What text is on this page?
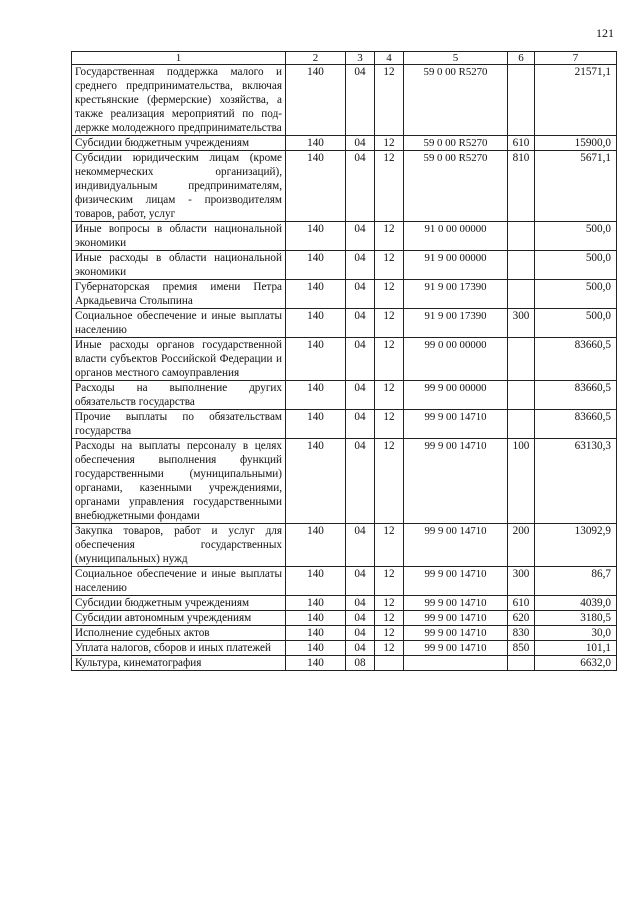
121
1	2	3	4	5	6	7
Государственная поддержка малого и среднего предпринимательства, включая крестьянские (фермерские) хозяйства, а также реализация мероприятий по поддержке молодежного предпринимательства	140	04	12	59 0 00 R5270		21571,1
Субсидии бюджетным учреждениям	140	04	12	59 0 00 R5270	610	15900,0
Субсидии юридическим лицам (кроме некоммерческих организаций), индивидуальным предпринимателям, физическим лицам - производителям товаров, работ, услуг	140	04	12	59 0 00 R5270	810	5671,1
Иные вопросы в области национальной экономики	140	04	12	91 0 00 00000		500,0
Иные расходы в области национальной экономики	140	04	12	91 9 00 00000		500,0
Губернаторская премия имени Петра Аркадьевича Столыпина	140	04	12	91 9 00 17390		500,0
Социальное обеспечение и иные выплаты населению	140	04	12	91 9 00 17390	300	500,0
Иные расходы органов государственной власти субъектов Российской Федерации и органов местного самоуправления	140	04	12	99 0 00 00000		83660,5
Расходы на выполнение других обязательств государства	140	04	12	99 9 00 00000		83660,5
Прочие выплаты по обязательствам государства	140	04	12	99 9 00 14710		83660,5
Расходы на выплаты персоналу в целях обеспечения выполнения функций государственными (муниципальными) органами, казенными учреждениями, органами управления государственными внебюджетными фондами	140	04	12	99 9 00 14710	100	63130,3
Закупка товаров, работ и услуг для обеспечения государственных (муниципальных) нужд	140	04	12	99 9 00 14710	200	13092,9
Социальное обеспечение и иные выплаты населению	140	04	12	99 9 00 14710	300	86,7
Субсидии бюджетным учреждениям	140	04	12	99 9 00 14710	610	4039,0
Субсидии автономным учреждениям	140	04	12	99 9 00 14710	620	3180,5
Исполнение судебных актов	140	04	12	99 9 00 14710	830	30,0
Уплата налогов, сборов и иных платежей	140	04	12	99 9 00 14710	850	101,1
Культура, кинематография	140	08				6632,0
